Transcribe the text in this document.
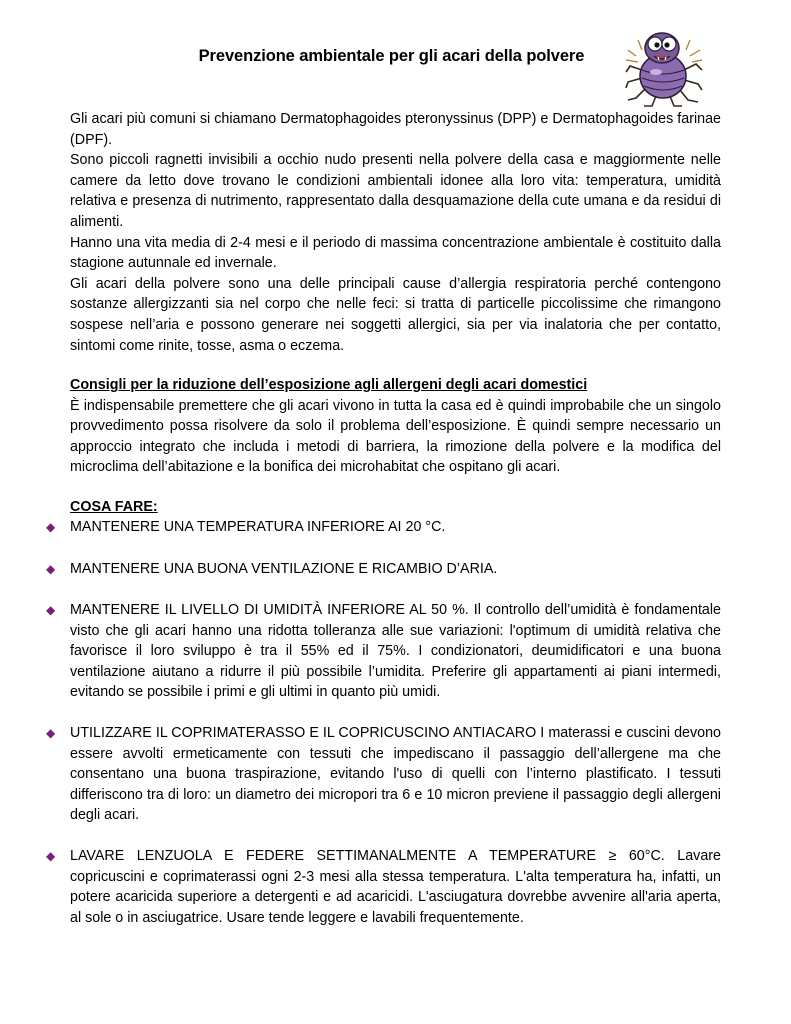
Prevenzione ambientale per gli acari della polvere

Gli acari più comuni si chiamano Dermatophagoides pteronyssinus (DPP) e Dermatophagoides farinae (DPF).

Sono piccoli ragnetti invisibili a occhio nudo presenti nella polvere della casa e maggiormente nelle camere da letto dove trovano le condizioni ambientali idonee alla loro vita: temperatura, umidità relativa e presenza di nutrimento, rappresentato dalla desquamazione della cute umana e da residui di alimenti.

Hanno una vita media di 2-4 mesi e il periodo di massima concentrazione ambientale è costituito dalla stagione autunnale ed invernale.

Gli acari della polvere sono una delle principali cause d’allergia respiratoria perché contengono sostanze allergizzanti sia nel corpo che nelle feci: si tratta di particelle piccolissime che rimangono sospese nell’aria e possono generare nei soggetti allergici, sia per via inalatoria che per contatto, sintomi come rinite, tosse, asma o eczema.

Consigli per la riduzione dell’esposizione agli allergeni degli acari domestici

È indispensabile premettere che gli acari vivono in tutta la casa ed è quindi improbabile che un singolo provvedimento possa risolvere da solo il problema dell’esposizione. È quindi sempre necessario un approccio integrato che includa i metodi di barriera, la rimozione della polvere e la modifica del microclima dell’abitazione e la bonifica dei microhabitat che ospitano gli acari.

COSA FARE:
◆ MANTENERE UNA TEMPERATURA INFERIORE AI 20 °C.
◆ MANTENERE UNA BUONA VENTILAZIONE E RICAMBIO D’ARIA.
◆ MANTENERE IL LIVELLO DI UMIDITÀ INFERIORE AL 50 %. Il controllo dell’umidità è fondamentale visto che gli acari hanno una ridotta tolleranza alle sue variazioni: l'optimum di umidità relativa che favorisce il loro sviluppo è tra il 55% ed il 75%. I condizionatori, deumidificatori e una buona ventilazione aiutano a ridurre il più possibile l’umidita. Preferire gli appartamenti ai piani intermedi, evitando se possibile i primi e gli ultimi in quanto più umidi.
◆ UTILIZZARE IL COPRIMATERASSO E IL COPRICUSCINO ANTIACARO I materassi e cuscini devono essere avvolti ermeticamente con tessuti che impediscano il passaggio dell’allergene ma che consentano una buona traspirazione, evitando l'uso di quelli con l’interno plastificato. I tessuti differiscono tra di loro: un diametro dei micropori tra 6 e 10 micron previene il passaggio degli allergeni degli acari.
◆ LAVARE LENZUOLA E FEDERE SETTIMANALMENTE A TEMPERATURE ≥ 60°C. Lavare copricuscini e coprimaterassi ogni 2-3 mesi alla stessa temperatura. L'alta temperatura ha, infatti, un potere acaricida superiore a detergenti e ad acaricidi. L'asciugatura dovrebbe avvenire all'aria aperta, al sole o in asciugatrice. Usare tende leggere e lavabili frequentemente.
